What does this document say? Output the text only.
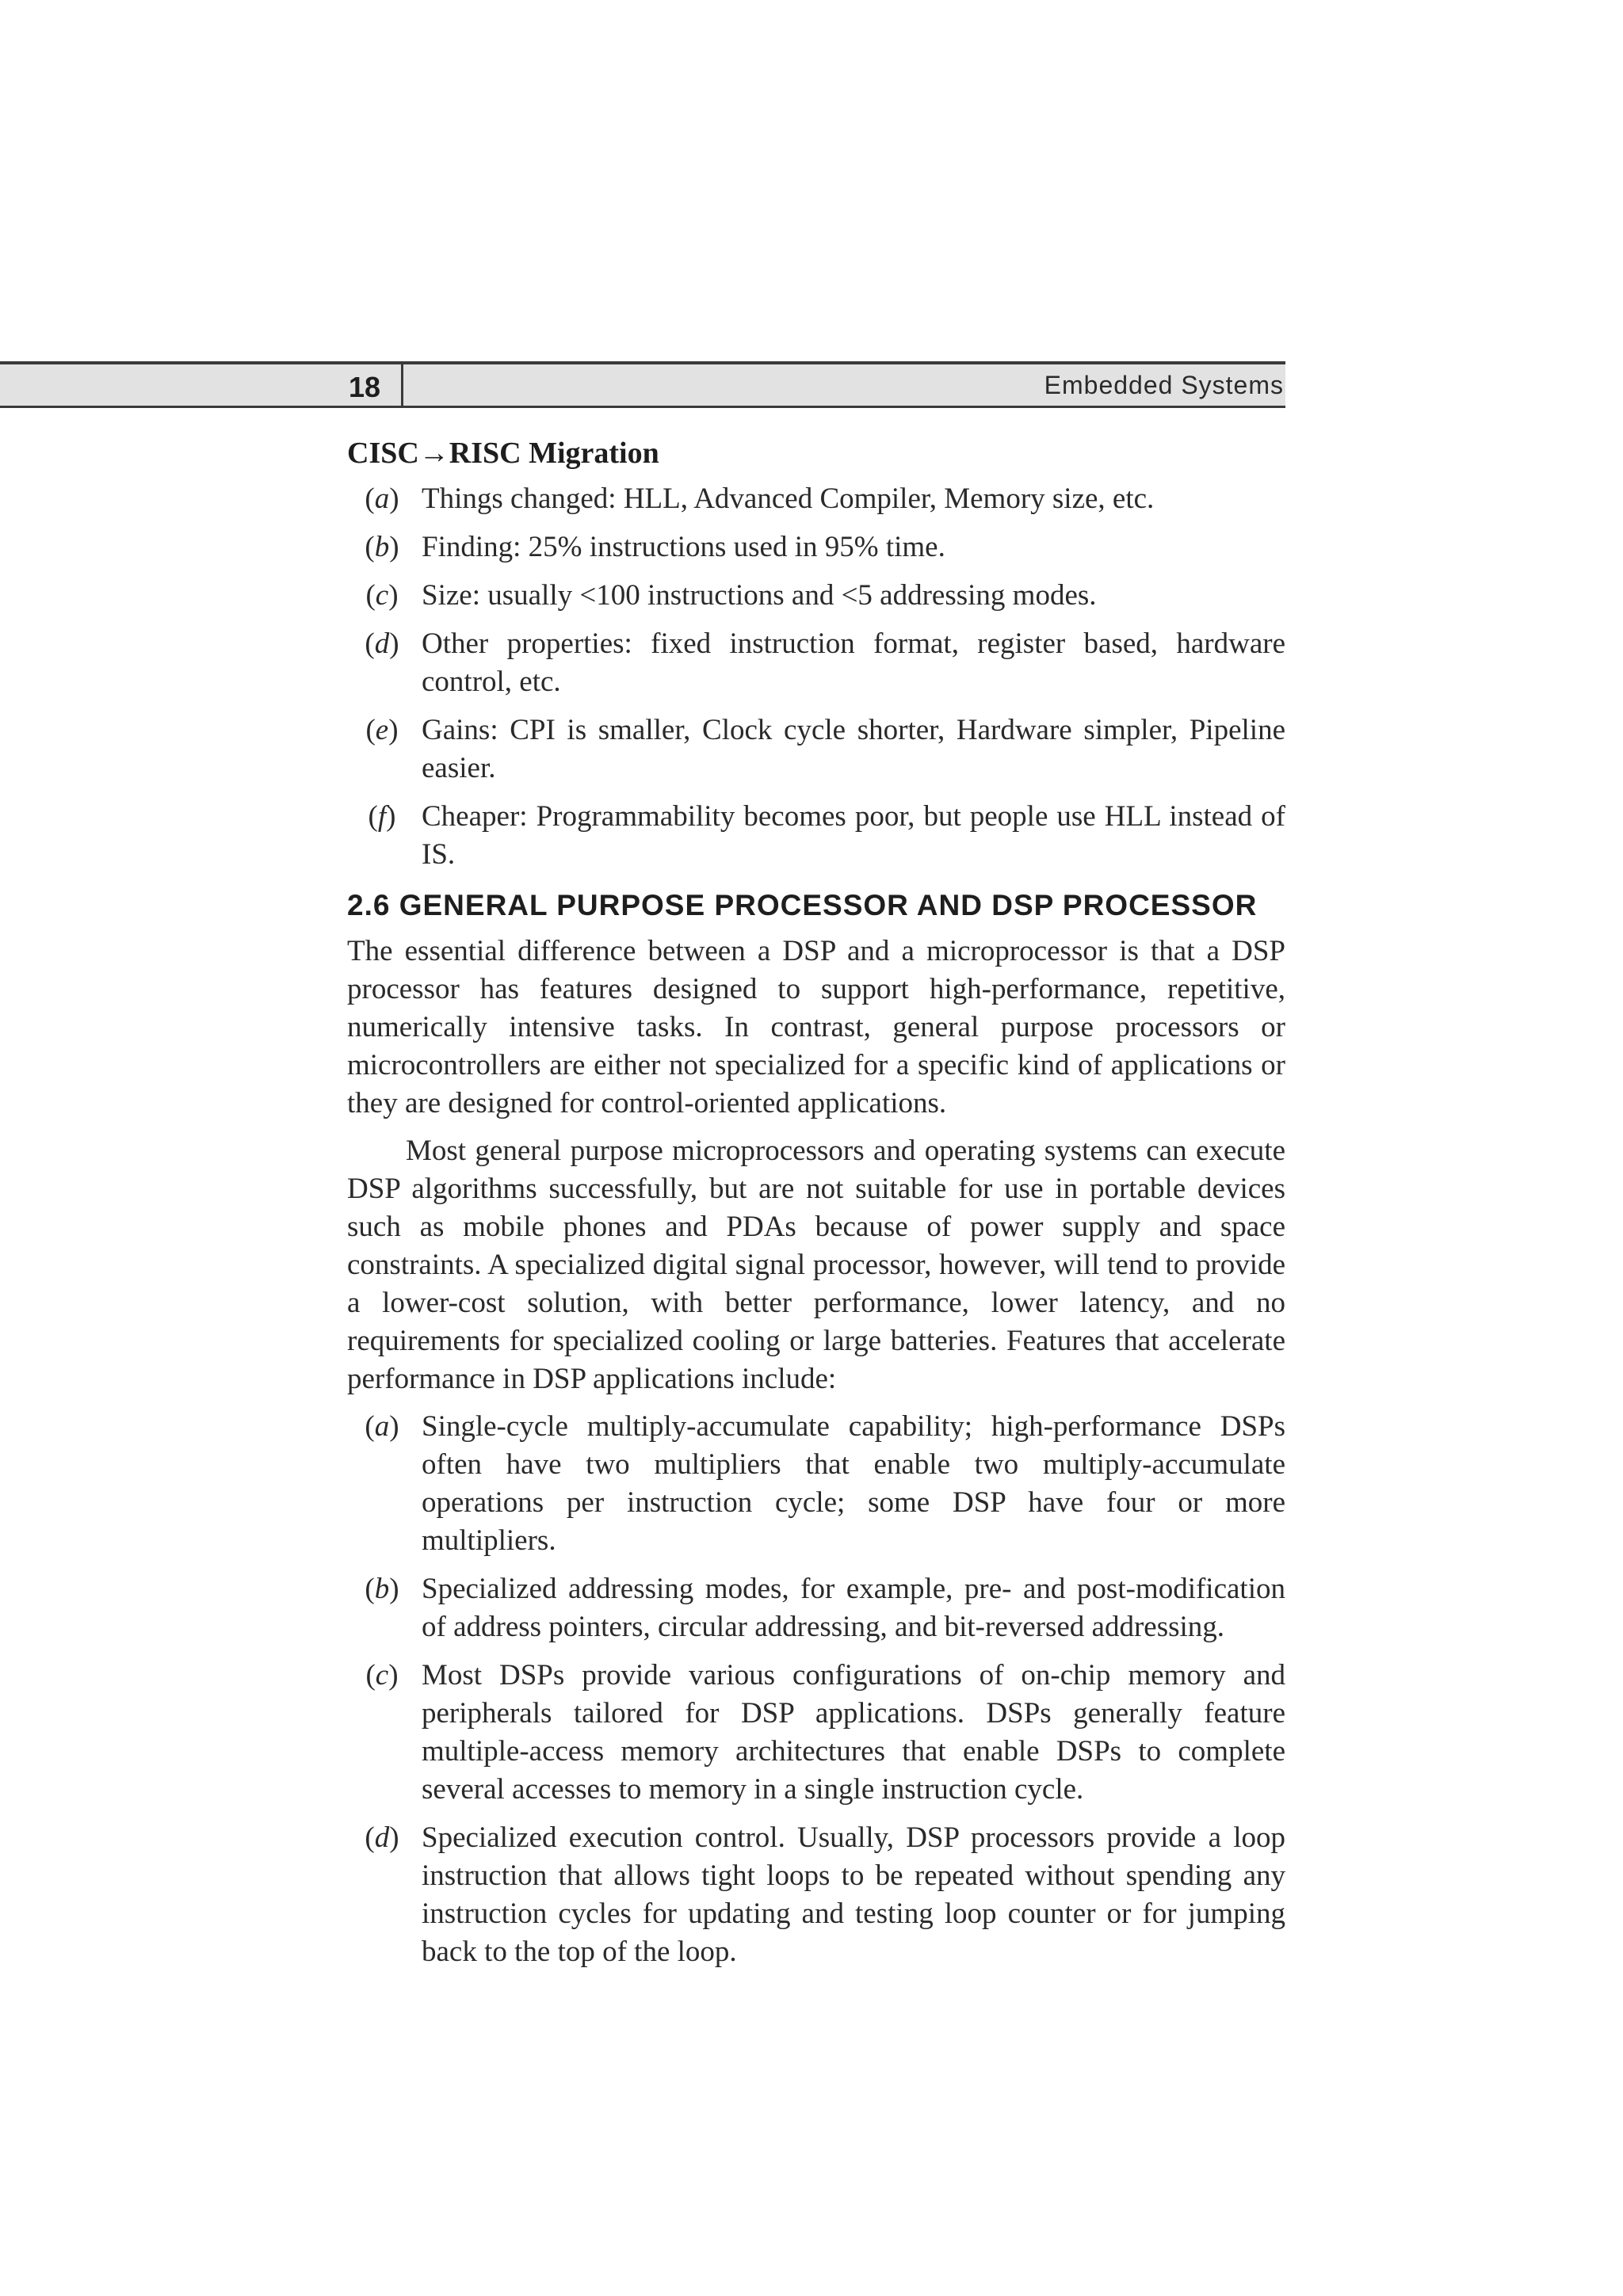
18	Embedded Systems
CISC→RISC Migration
(a) Things changed: HLL, Advanced Compiler, Memory size, etc.
(b) Finding: 25% instructions used in 95% time.
(c) Size: usually <100 instructions and <5 addressing modes.
(d) Other properties: fixed instruction format, register based, hardware control, etc.
(e) Gains: CPI is smaller, Clock cycle shorter, Hardware simpler, Pipeline easier.
(f) Cheaper: Programmability becomes poor, but people use HLL instead of IS.
2.6 GENERAL PURPOSE PROCESSOR AND DSP PROCESSOR

The essential difference between a DSP and a microprocessor is that a DSP processor has features designed to support high-performance, repetitive, numerically intensive tasks. In contrast, general purpose processors or microcontrollers are either not specialized for a specific kind of applications or they are designed for control-oriented applications.

Most general purpose microprocessors and operating systems can execute DSP algorithms successfully, but are not suitable for use in portable devices such as mobile phones and PDAs because of power supply and space constraints. A specialized digital signal processor, however, will tend to provide a lower-cost solution, with better performance, lower latency, and no requirements for specialized cooling or large batteries. Features that accelerate performance in DSP applications include:

(a) Single-cycle multiply-accumulate capability; high-performance DSPs often have two multipliers that enable two multiply-accumulate operations per instruction cycle; some DSP have four or more multipliers.
(b) Specialized addressing modes, for example, pre- and post-modification of address pointers, circular addressing, and bit-reversed addressing.
(c) Most DSPs provide various configurations of on-chip memory and peripherals tailored for DSP applications. DSPs generally feature multiple-access memory architectures that enable DSPs to complete several accesses to memory in a single instruction cycle.
(d) Specialized execution control. Usually, DSP processors provide a loop instruction that allows tight loops to be repeated without spending any instruction cycles for updating and testing loop counter or for jumping back to the top of the loop.
